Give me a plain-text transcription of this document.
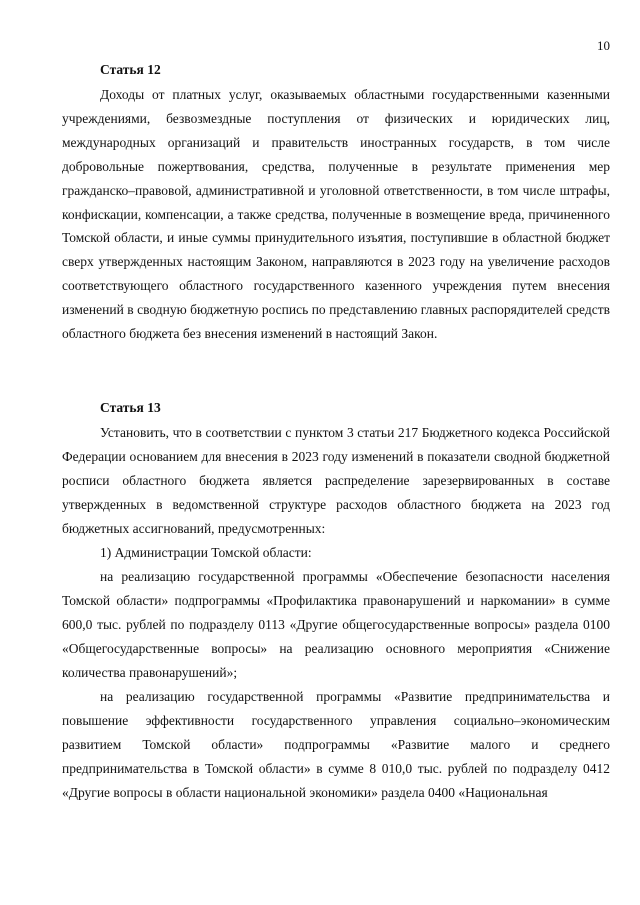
10
Статья 12

Доходы от платных услуг, оказываемых областными государственными казенными учреждениями, безвозмездные поступления от физических и юридических лиц, международных организаций и правительств иностранных государств, в том числе добровольные пожертвования, средства, полученные в результате применения мер гражданско–правовой, административной и уголовной ответственности, в том числе штрафы, конфискации, компенсации, а также средства, полученные в возмещение вреда, причиненного Томской области, и иные суммы принудительного изъятия, поступившие в областной бюджет сверх утвержденных настоящим Законом, направляются в 2023 году на увеличение расходов соответствующего областного государственного казенного учреждения путем внесения изменений в сводную бюджетную роспись по представлению главных распорядителей средств областного бюджета без внесения изменений в настоящий Закон.

Статья 13

Установить, что в соответствии с пунктом 3 статьи 217 Бюджетного кодекса Российской Федерации основанием для внесения в 2023 году изменений в показатели сводной бюджетной росписи областного бюджета является распределение зарезервированных в составе утвержденных в ведомственной структуре расходов областного бюджета на 2023 год бюджетных ассигнований, предусмотренных:

1) Администрации Томской области:

на реализацию государственной программы «Обеспечение безопасности населения Томской области» подпрограммы «Профилактика правонарушений и наркомании» в сумме 600,0 тыс. рублей по подразделу 0113 «Другие общегосударственные вопросы» раздела 0100 «Общегосударственные вопросы» на реализацию основного мероприятия «Снижение количества правонарушений»;

на реализацию государственной программы «Развитие предпринимательства и повышение эффективности государственного управления социально–экономическим развитием Томской области» подпрограммы «Развитие малого и среднего предпринимательства в Томской области» в сумме 8 010,0 тыс. рублей по подразделу 0412 «Другие вопросы в области национальной экономики» раздела 0400 «Национальная
